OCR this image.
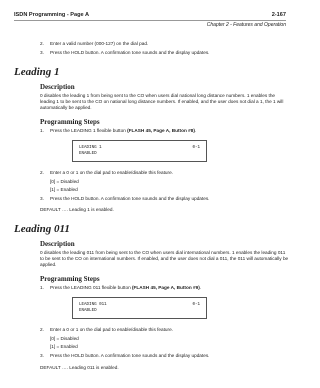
ISDN Programming - Page A	2-167
Chapter 2 - Features and Operation
2. Enter a valid number (000-127) on the dial pad.
3. Press the HOLD button. A confirmation tone sounds and the display updates.
Leading 1
Description
0 disables the leading 1 from being sent to the CO when users dial national long distance numbers. 1 enables the leading 1 to be sent to the CO on national long distance numbers. If enabled, and the user does not dial a 1, the 1 will automatically be applied.
Programming Steps
1. Press the LEADING 1 flexible button (FLASH 45, Page A, Button #8).
LEADING 1	0-1
ENABLED
2. Enter a 0 or 1 on the dial pad to enable/disable this feature.
[0] = Disabled
[1] = Enabled
3. Press the HOLD button. A confirmation tone sounds and the display updates.
DEFAULT …. Leading 1 is enabled.
Leading 011
Description
0 disables the leading 011 from being sent to the CO when users dial international numbers. 1 enables the leading 011 to be sent to the CO on international numbers. If enabled, and the user does not dial a 011, the 011 will automatically be applied.
Programming Steps
1. Press the LEADING 011 flexible button (FLASH 45, Page A, Button #9).
LEADING 011	0-1
ENABLED
2. Enter a 0 or 1 on the dial pad to enable/disable this feature.
[0] = Disabled
[1] = Enabled
3. Press the HOLD button. A confirmation tone sounds and the display updates.
DEFAULT …. Leading 011 is enabled.
